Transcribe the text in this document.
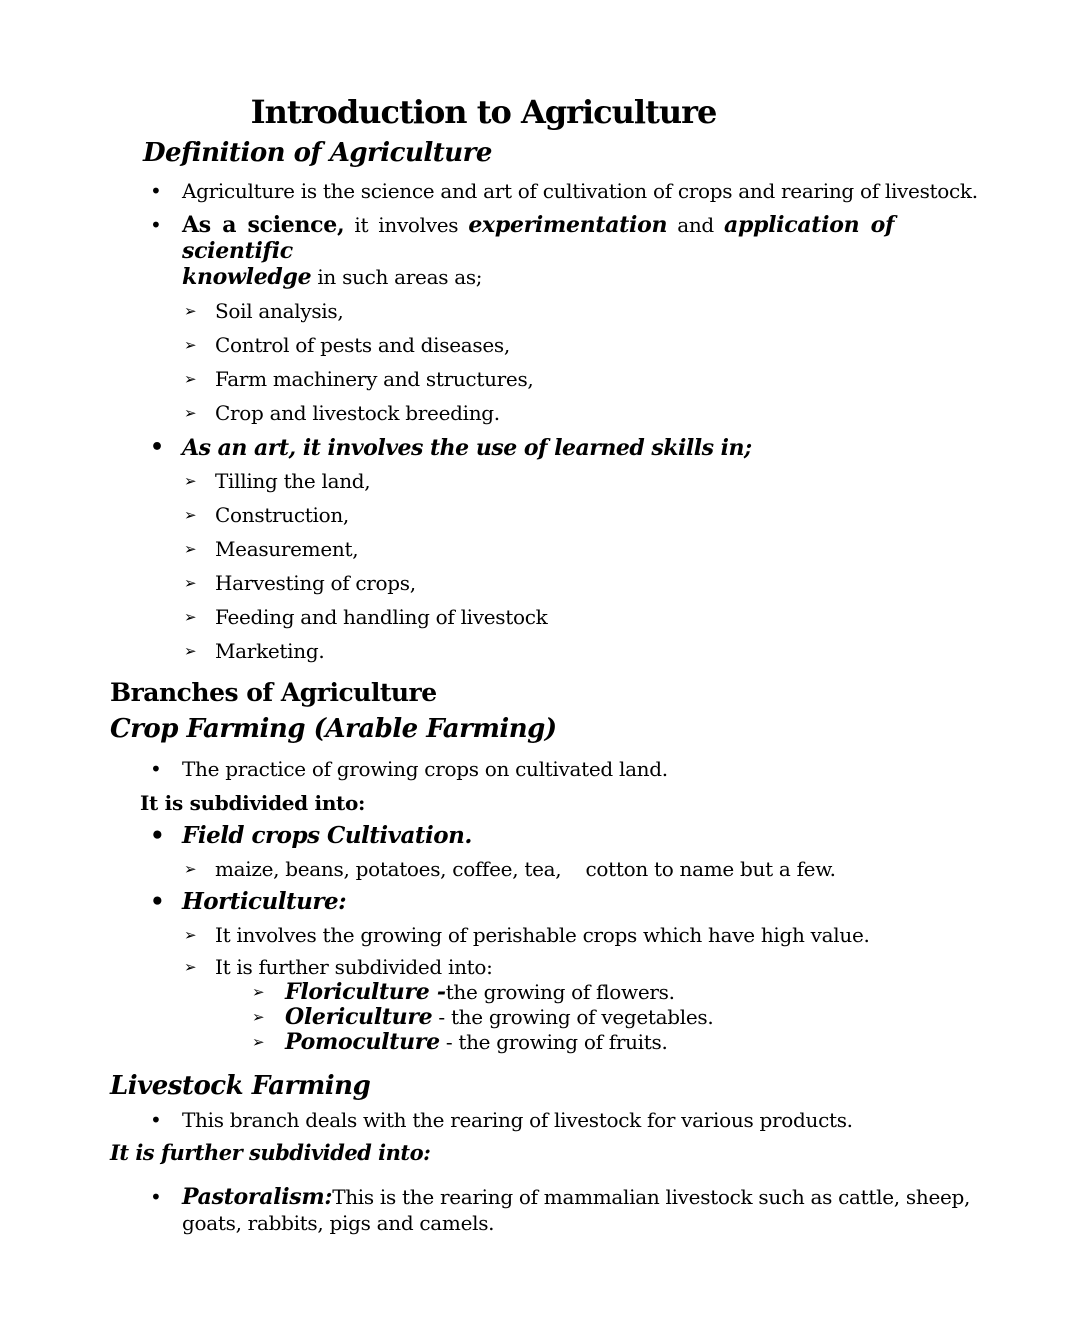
Introduction to Agriculture
Definition of Agriculture
• Agriculture is the science and art of cultivation of crops and rearing of livestock.
• As a science, it involves experimentation and application of scientific
knowledge in such areas as;
➢ Soil analysis,
➢ Control of pests and diseases,
➢ Farm machinery and structures,
➢ Crop and livestock breeding.
• As an art, it involves the use of learned skills in;
➢ Tilling the land,
➢ Construction,
➢ Measurement,
➢ Harvesting of crops,
➢ Feeding and handling of livestock
➢ Marketing.
Branches of Agriculture
Crop Farming (Arable Farming)
• The practice of growing crops on cultivated land.
It is subdivided into:
• Field crops Cultivation.
➢ maize, beans, potatoes, coffee, tea,    cotton to name but a few.
• Horticulture:
➢ It involves the growing of perishable crops which have high value.
➢ It is further subdivided into:
➢ Floriculture -the growing of flowers.
➢ Olericulture - the growing of vegetables.
➢ Pomoculture - the growing of fruits.
Livestock Farming
• This branch deals with the rearing of livestock for various products.
It is further subdivided into:
• Pastoralism:This is the rearing of mammalian livestock such as cattle, sheep, goats, rabbits, pigs and camels.
